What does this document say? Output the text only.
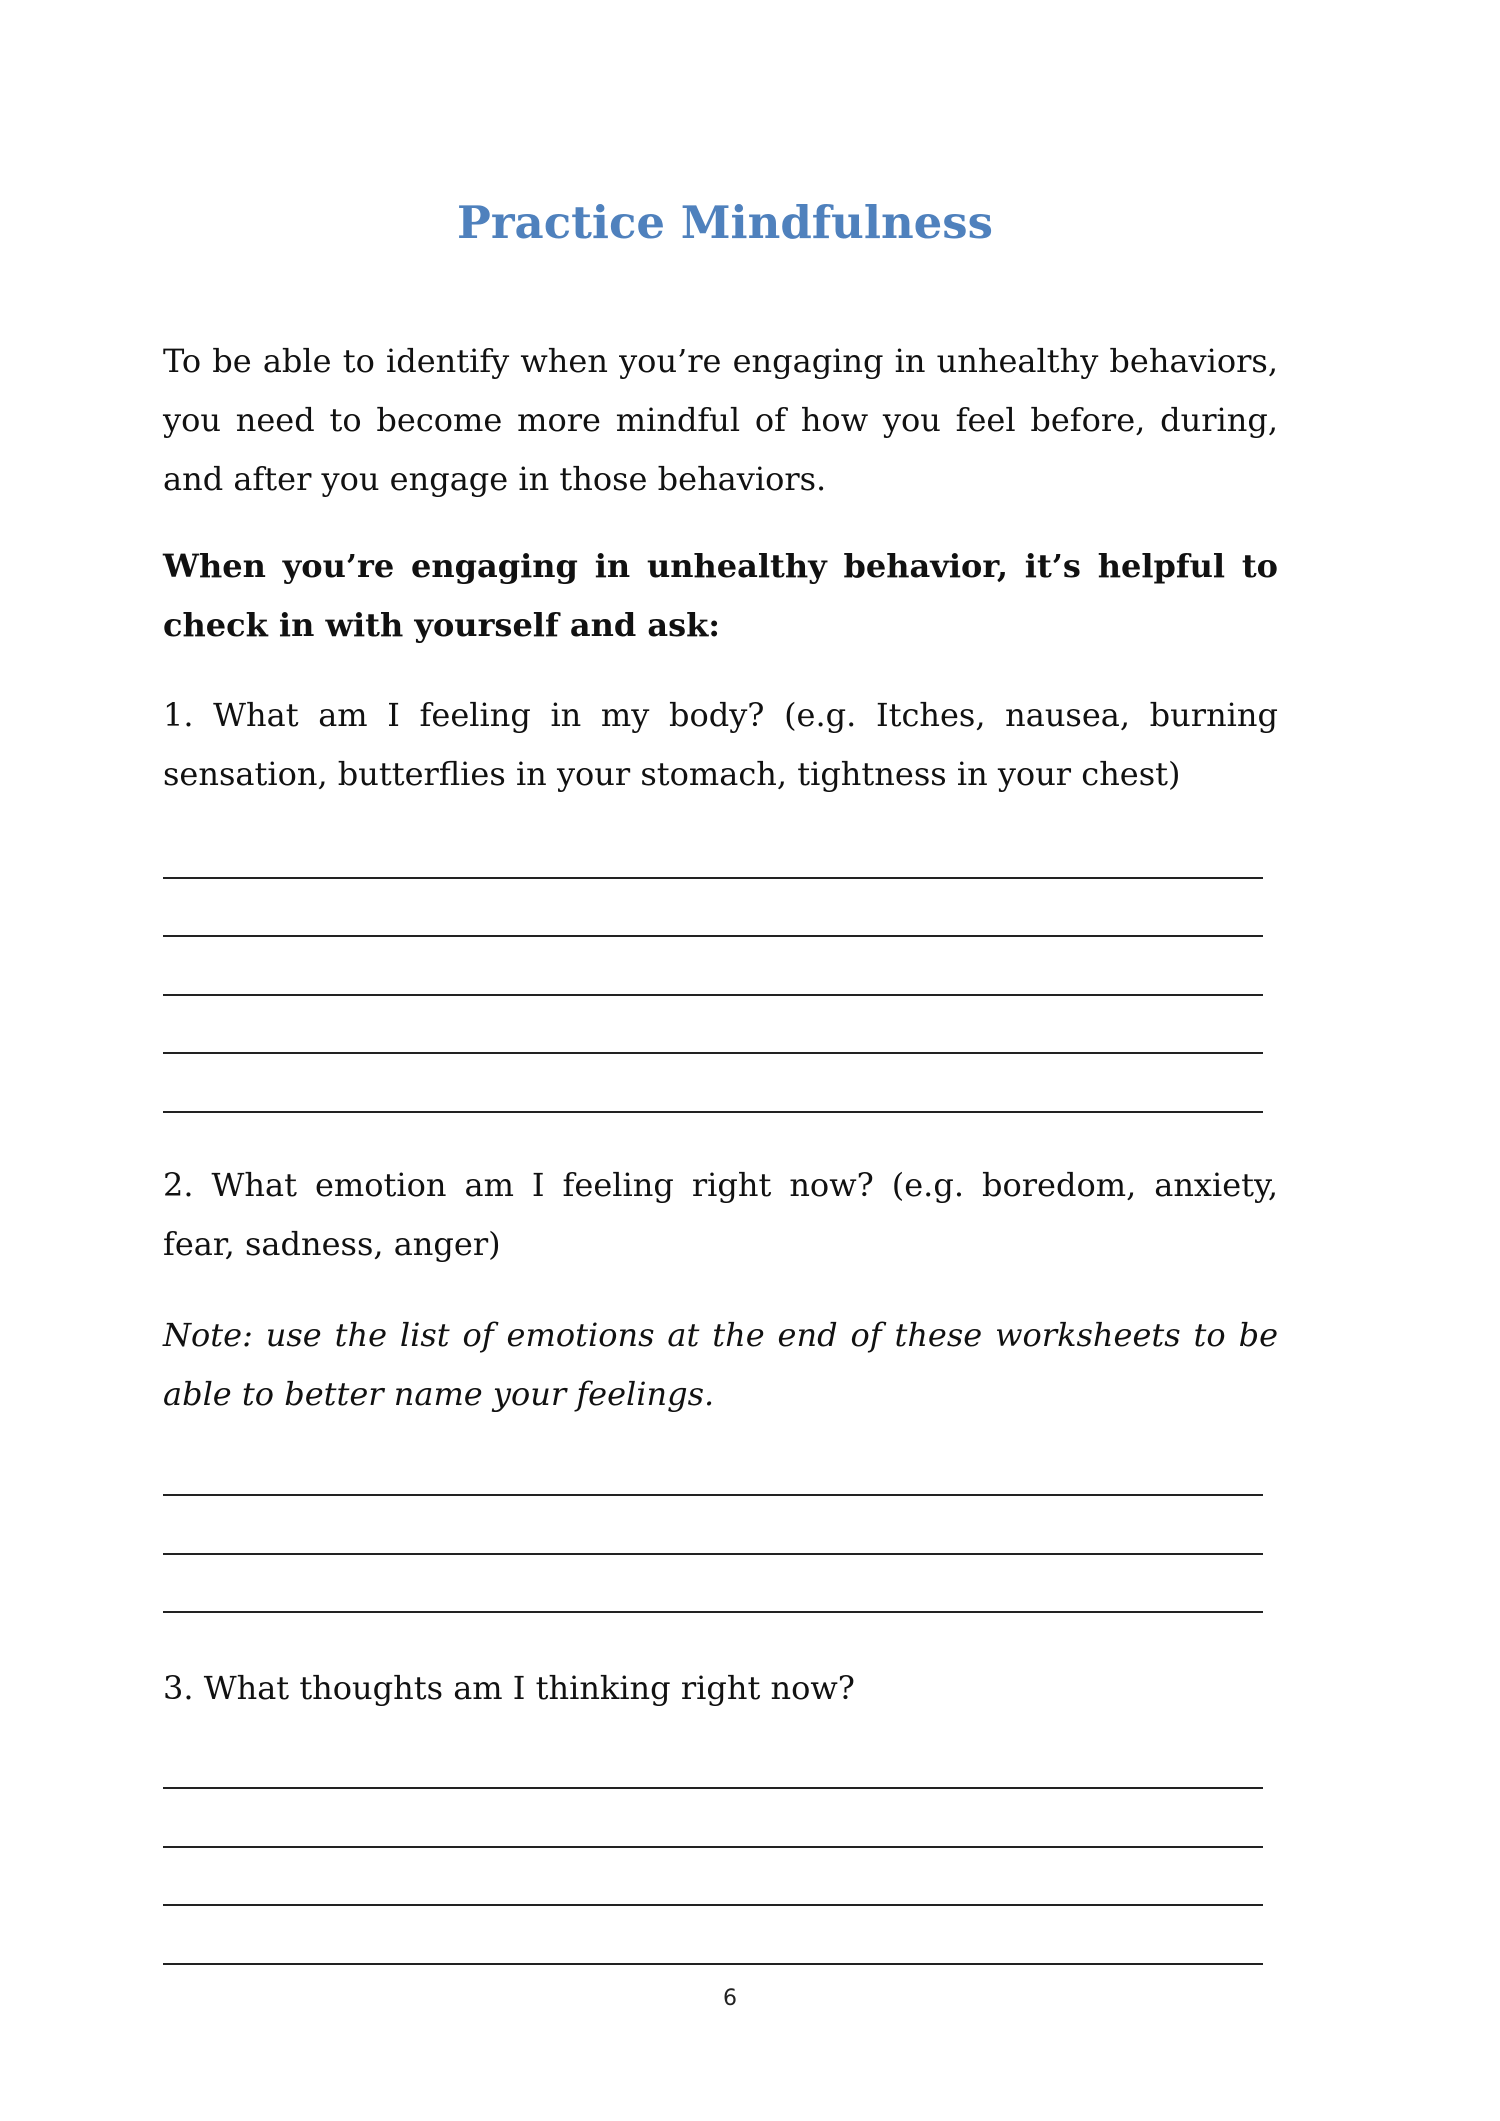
Practice Mindfulness

To be able to identify when you’re engaging in unhealthy behaviors, you need to become more mindful of how you feel before, during, and after you engage in those behaviors.

When you’re engaging in unhealthy behavior, it’s helpful to check in with yourself and ask:

1. What am I feeling in my body? (e.g. Itches, nausea, burning sensation, butterflies in your stomach, tightness in your chest)

2. What emotion am I feeling right now? (e.g. boredom, anxiety, fear, sadness, anger)

Note: use the list of emotions at the end of these worksheets to be able to better name your feelings.

3. What thoughts am I thinking right now?

6
